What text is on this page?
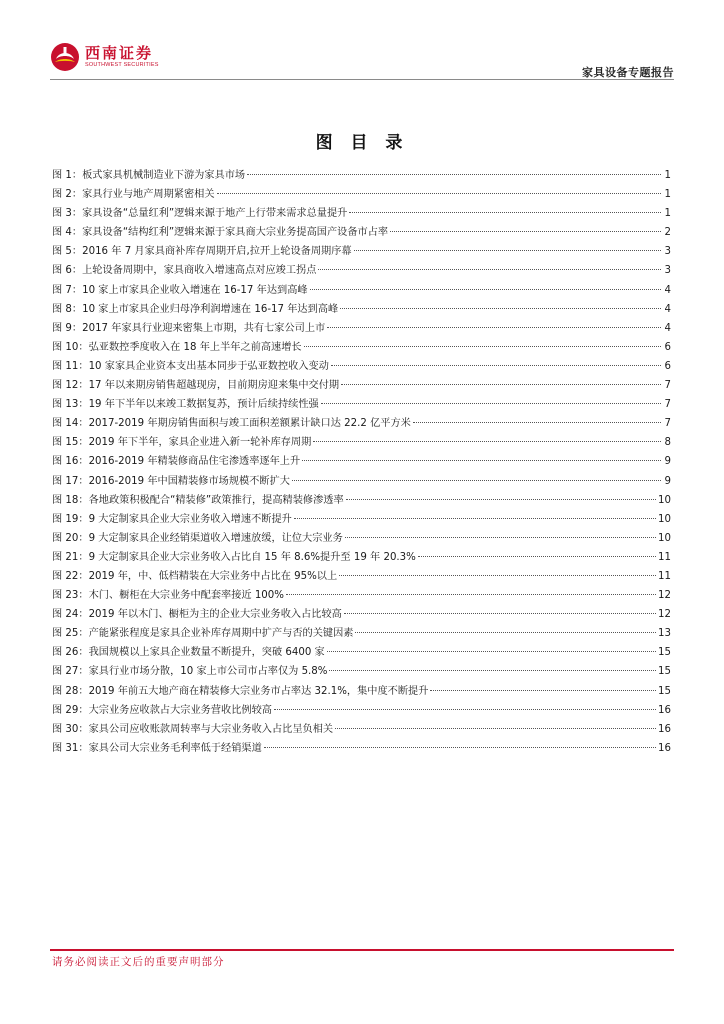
西南证券
SOUTHWEST SECURITIES
家具设备专题报告
图 目 录
图 1： 板式家具机械制造业下游为家具市场	1
图 2： 家具行业与地产周期紧密相关	1
图 3： 家具设备“总量红利”逻辑来源于地产上行带来需求总量提升	1
图 4： 家具设备“结构红利”逻辑来源于家具商大宗业务提高国产设备市占率	2
图 5： 2016 年 7 月家具商补库存周期开启,拉开上轮设备周期序幕	3
图 6： 上轮设备周期中，家具商收入增速高点对应竣工拐点	3
图 7： 10 家上市家具企业收入增速在 16-17 年达到高峰	4
图 8： 10 家上市家具企业归母净利润增速在 16-17 年达到高峰	4
图 9： 2017 年家具行业迎来密集上市期，共有七家公司上市	4
图 10： 弘亚数控季度收入在 18 年上半年之前高速增长	6
图 11： 10 家家具企业资本支出基本同步于弘亚数控收入变动	6
图 12： 17 年以来期房销售超越现房，目前期房迎来集中交付期	7
图 13： 19 年下半年以来竣工数据复苏，预计后续持续性强	7
图 14： 2017-2019 年期房销售面积与竣工面积差额累计缺口达 22.2 亿平方米	7
图 15： 2019 年下半年，家具企业进入新一轮补库存周期	8
图 16： 2016-2019 年精装修商品住宅渗透率逐年上升	9
图 17： 2016-2019 年中国精装修市场规模不断扩大	9
图 18： 各地政策积极配合“精装修”政策推行，提高精装修渗透率	10
图 19： 9 大定制家具企业大宗业务收入增速不断提升	10
图 20： 9 大定制家具企业经销渠道收入增速放缓，让位大宗业务	10
图 21： 9 大定制家具企业大宗业务收入占比自 15 年 8.6%提升至 19 年 20.3%	11
图 22： 2019 年，中、低档精装在大宗业务中占比在 95%以上	11
图 23： 木门、橱柜在大宗业务中配套率接近 100%	12
图 24： 2019 年以木门、橱柜为主的企业大宗业务收入占比较高	12
图 25： 产能紧张程度是家具企业补库存周期中扩产与否的关键因素	13
图 26： 我国规模以上家具企业数量不断提升，突破 6400 家	15
图 27： 家具行业市场分散，10 家上市公司市占率仅为 5.8%	15
图 28： 2019 年前五大地产商在精装修大宗业务市占率达 32.1%，集中度不断提升	15
图 29： 大宗业务应收款占大宗业务营收比例较高	16
图 30： 家具公司应收账款周转率与大宗业务收入占比呈负相关	16
图 31： 家具公司大宗业务毛利率低于经销渠道	16
请务必阅读正文后的重要声明部分
